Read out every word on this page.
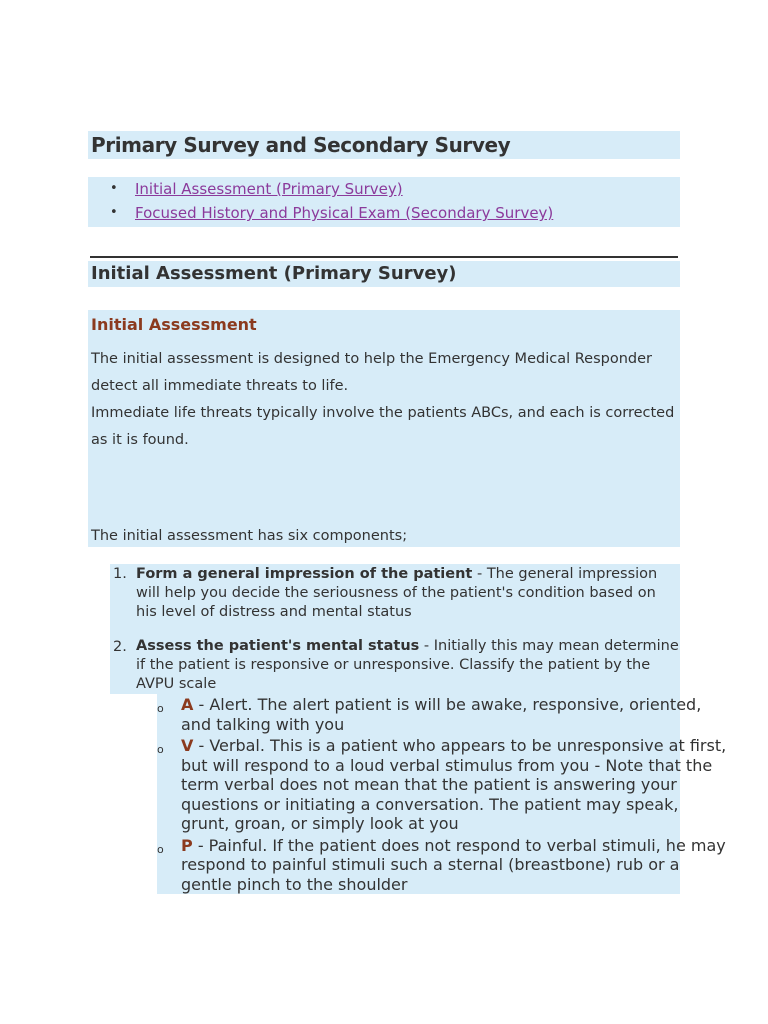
Primary Survey and Secondary Survey
• Initial Assessment (Primary Survey)
• Focused History and Physical Exam (Secondary Survey)
Initial Assessment (Primary Survey)
Initial Assessment

The initial assessment is designed to help the Emergency Medical Responder detect all immediate threats to life.

Immediate life threats typically involve the patients ABCs, and each is corrected as it is found.

The initial assessment has six components;

1. Form a general impression of the patient - The general impression will help you decide the seriousness of the patient's condition based on his level of distress and mental status
2. Assess the patient's mental status - Initially this may mean determine if the patient is responsive or unresponsive. Classify the patient by the AVPU scale
o A - Alert. The alert patient is will be awake, responsive, oriented, and talking with you
o V - Verbal. This is a patient who appears to be unresponsive at first, but will respond to a loud verbal stimulus from you - Note that the term verbal does not mean that the patient is answering your questions or initiating a conversation. The patient may speak, grunt, groan, or simply look at you
o P - Painful. If the patient does not respond to verbal stimuli, he may respond to painful stimuli such a sternal (breastbone) rub or a gentle pinch to the shoulder
